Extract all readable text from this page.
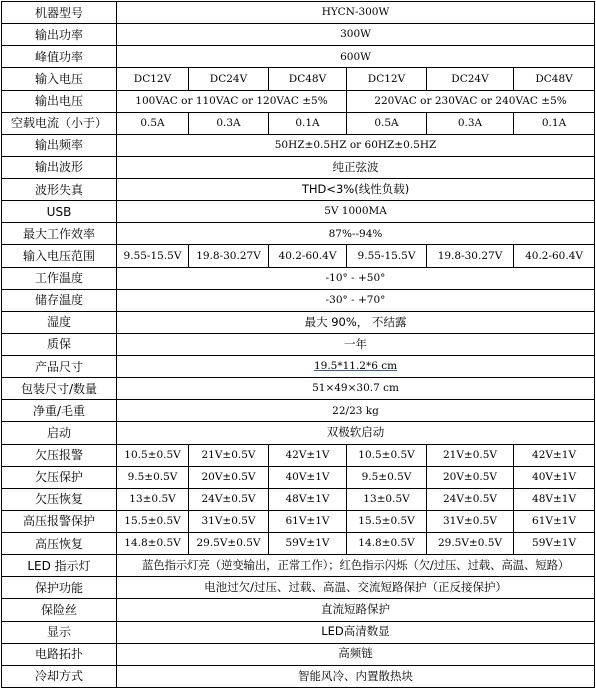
机器型号	HYCN-300W					
输出功率	300W					
峰值功率	600W					
输入电压	DC12V	DC24V	DC48V	DC12V	DC24V	DC48V
输出电压	100VAC or 110VAC or 120VAC ±5%			220VAC or 230VAC or 240VAC ±5%		
空载电流（小于）	0.5A	0.3A	0.1A	0.5A	0.3A	0.1A
输出频率	50HZ±0.5HZ or 60HZ±0.5HZ					
输出波形	纯正弦波					
波形失真	THD<3%(线性负载)					
USB	5V 1000MA					
最大工作效率	87%--94%					
输入电压范围	9.55-15.5V	19.8-30.27V	40.2-60.4V	9.55-15.5V	19.8-30.27V	40.2-60.4V
工作温度	-10° - +50°					
储存温度	-30° - +70°					
湿度	最大 90%， 不结露					
质保	一年					
产品尺寸	19.5*11.2*6 cm					
包装尺寸/数量	51×49×30.7 cm					
净重/毛重	22/23 kg					
启动	双极软启动					
欠压报警	10.5±0.5V	21V±0.5V	42V±1V	10.5±0.5V	21V±0.5V	42V±1V
欠压保护	9.5±0.5V	20V±0.5V	40V±1V	9.5±0.5V	20V±0.5V	40V±1V
欠压恢复	13±0.5V	24V±0.5V	48V±1V	13±0.5V	24V±0.5V	48V±1V
高压报警保护	15.5±0.5V	31V±0.5V	61V±1V	15.5±0.5V	31V±0.5V	61V±1V
高压恢复	14.8±0.5V	29.5V±0.5V	59V±1V	14.8±0.5V	29.5V±0.5V	59V±1V
LED 指示灯	蓝色指示灯亮（逆变输出，正常工作）；红色指示闪烁（欠/过压、过载、高温、短路）					
保护功能	电池过欠/过压、过载、高温、交流短路保护（正反接保护）					
保险丝	直流短路保护					
显示	LED高清数显					
电路拓扑	高频链					
冷却方式	智能风冷、内置散热块					
